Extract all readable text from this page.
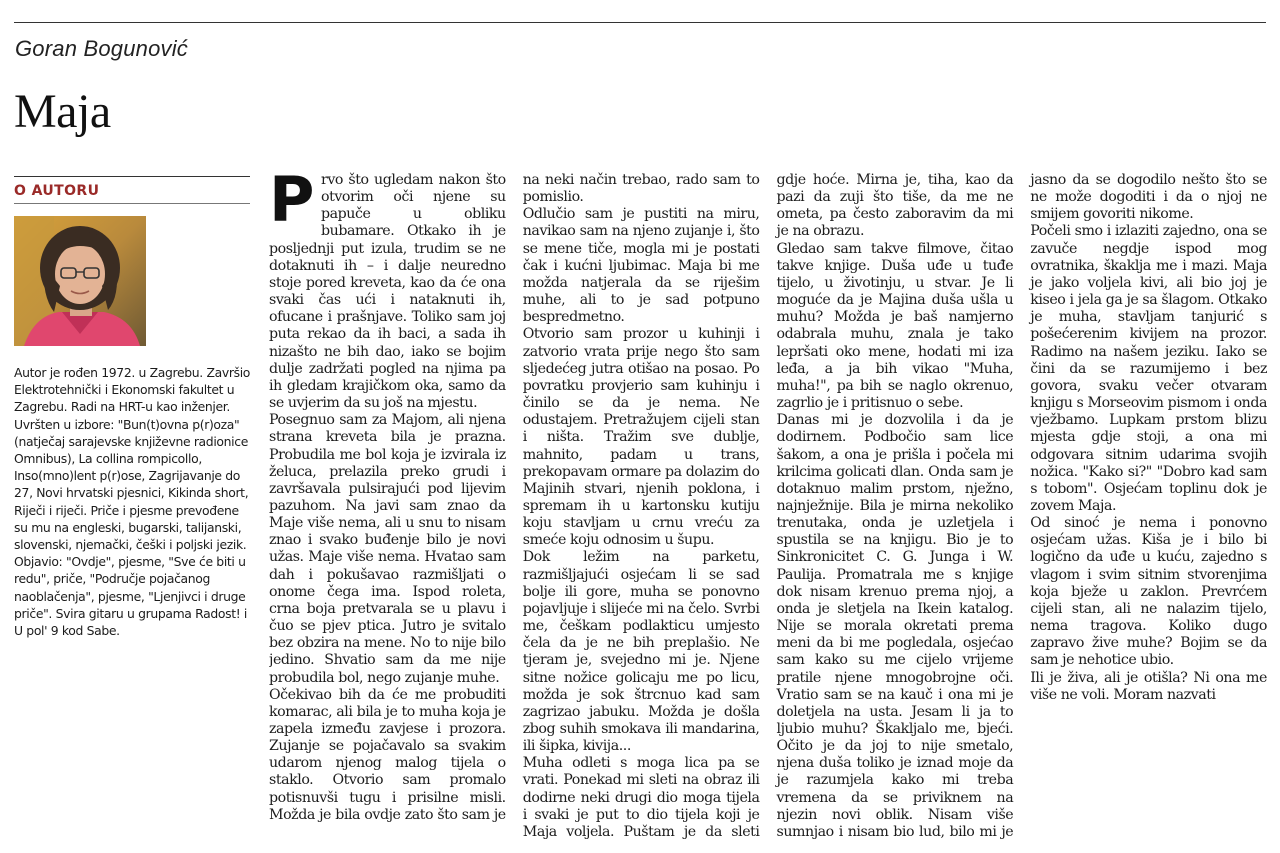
Goran Bogunović
Maja
O AUTORU

Autor je rođen 1972. u Zagrebu. Završio Elektrotehnički i Ekonomski fakultet u Zagrebu. Radi na HRT-u kao inženjer. Uvršten u izbore: "Bun(t)ovna p(r)oza" (natječaj sarajevske književne radionice Omnibus), La collina rompicollo, Inso(mno)lent p(r)ose, Zagrijavanje do 27, Novi hrvatski pjesnici, Kikinda short, Riječi i riječi. Priče i pjesme prevođene su mu na engleski, bugarski, talijanski, slovenski, njemački, češki i poljski jezik. Objavio: "Ovdje", pjesme, "Sve će biti u redu", priče, "Područje pojačanog naoblačenja", pjesme, "Lјenjivci i druge priče". Svira gitaru u grupama Radost! i U pol' 9 kod Sabe.

Prvo što ugledam nakon što otvorim oči njene su papuče u obliku bubamare. Otkako ih je posljednji put izula, trudim se ne dotaknuti ih – i dalje neuredno stoje pored kreveta, kao da će ona svaki čas ući i nataknuti ih, ofucane i prašnjave. Toliko sam joj puta rekao da ih baci, a sada ih nizašto ne bih dao, iako se bojim dulje zadržati pogled na njima pa ih gledam krajičkom oka, samo da se uvjerim da su još na mjestu.

Posegnuo sam za Majom, ali njena strana kreveta bila je prazna. Probudila me bol koja je izvirala iz želuca, prelazila preko grudi i završavala pulsirajući pod lijevim pazuhom. Na javi sam znao da Maje više nema, ali u snu to nisam znao i svako buđenje bilo je novi užas. Maje više nema. Hvatao sam dah i pokušavao razmišljati o onome čega ima. Ispod roleta, crna boja pretvarala se u plavu i čuo se pjev ptica. Jutro je svitalo bez obzira na mene. No to nije bilo jedino. Shvatio sam da me nije probudila bol, nego zujanje muhe.

Očekivao bih da će me probuditi komarac, ali bila je to muha koja je zapela između zavjese i prozora. Zujanje se pojačavalo sa svakim udarom njenog malog tijela o staklo. Otvorio sam promalo potisnuvši tugu i prisilne misli. Možda je bila ovdje zato što sam je na neki način trebao, rado sam to pomislio.

Odlučio sam je pustiti na miru, navikao sam na njeno zujanje i, što se mene tiče, mogla mi je postati čak i kućni ljubimac. Maja bi me možda natjerala da se riješim muhe, ali to je sad potpuno bespredmetno.

Otvorio sam prozor u kuhinji i zatvorio vrata prije nego što sam sljedećeg jutra otišao na posao. Po povratku provjerio sam kuhinju i činilo se da je nema. Ne odustajem. Pretražujem cijeli stan i ništa. Tražim sve dublje, mahnito, padam u trans, prekopavam ormare pa dolazim do Majinih stvari, njenih poklona, i spremam ih u kartonsku kutiju koju stavljam u crnu vreću za smeće koju odnosim u šupu.

Dok ležim na parketu, razmišljajući osjećam li se sad bolje ili gore, muha se ponovno pojavljuje i slijeće mi na čelo. Svrbi me, češkam podlakticu umjesto čela da je ne bih preplašio. Ne tjeram je, svejedno mi je. Njene sitne nožice golicaju me po licu, možda je sok štrcnuo kad sam zagrizao jabuku. Možda je došla zbog suhih smokava ili mandarina, ili šipka, kivija...

Muha odleti s moga lica pa se vrati. Ponekad mi sleti na obraz ili dodirne neki drugi dio moga tijela i svaki je put to dio tijela koji je Maja voljela. Puštam je da sleti gdje hoće. Mirna je, tiha, kao da pazi da zuji što tiše, da me ne ometa, pa često zaboravim da mi je na obrazu.

Gledao sam takve filmove, čitao takve knjige. Duša uđe u tuđe tijelo, u životinju, u stvar. Je li moguće da je Majina duša ušla u muhu? Možda je baš namjerno odabrala muhu, znala je tako lepršati oko mene, hodati mi iza leđa, a ja bih vikao "Muha, muha!", pa bih se naglo okrenuo, zagrlio je i pritisnuo o sebe.

Danas mi je dozvolila i da je dodirnem. Podbočio sam lice šakom, a ona je prišla i počela mi krilcima golicati dlan. Onda sam je dotaknuo malim prstom, nježno, najnježnije. Bila je mirna nekoliko trenutaka, onda je uzletjela i spustila se na knjigu. Bio je to Sinkronicitet C. G. Junga i W. Paulija. Promatrala me s knjige dok nisam krenuo prema njoj, a onda je sletjela na Ikein katalog. Nije se morala okretati prema meni da bi me pogledala, osjećao sam kako su me cijelo vrijeme pratile njene mnogobrojne oči. Vratio sam se na kauč i ona mi je doletjela na usta. Jesam li ja to ljubio muhu? Škakljalo me, bjeći. Očito je da joj to nije smetalo, njena duša toliko je iznad moje da je razumjela kako mi treba vremena da se priviknem na njezin novi oblik. Nisam više sumnjao i nisam bio lud, bilo mi je jasno da se dogodilo nešto što se ne može dogoditi i da o njoj ne smijem govoriti nikome.

Počeli smo i izlaziti zajedno, ona se zavuče negdje ispod mog ovratnika, škaklja me i mazi. Maja je jako voljela kivi, ali bio joj je kiseo i jela ga je sa šlagom. Otkako je muha, stavljam tanjurić s pošećerenim kivijem na prozor. Radimo na našem jeziku. Iako se čini da se razumijemo i bez govora, svaku večer otvaram knjigu s Morseovim pismom i onda vježbamo. Lupkam prstom blizu mjesta gdje stoji, a ona mi odgovara sitnim udarima svojih nožica. "Kako si?" "Dobro kad sam s tobom". Osjećam toplinu dok je zovem Maja.

Od sinoć je nema i ponovno osjećam užas. Kiša je i bilo bi logično da uđe u kuću, zajedno s vlagom i svim sitnim stvorenjima koja bježe u zaklon. Prevrćem cijeli stan, ali ne nalazim tijelo, nema tragova. Koliko dugo zapravo žive muhe? Bojim se da sam je nehotice ubio.

Ili je živa, ali je otišla? Ni ona me više ne voli. Moram nazvati
